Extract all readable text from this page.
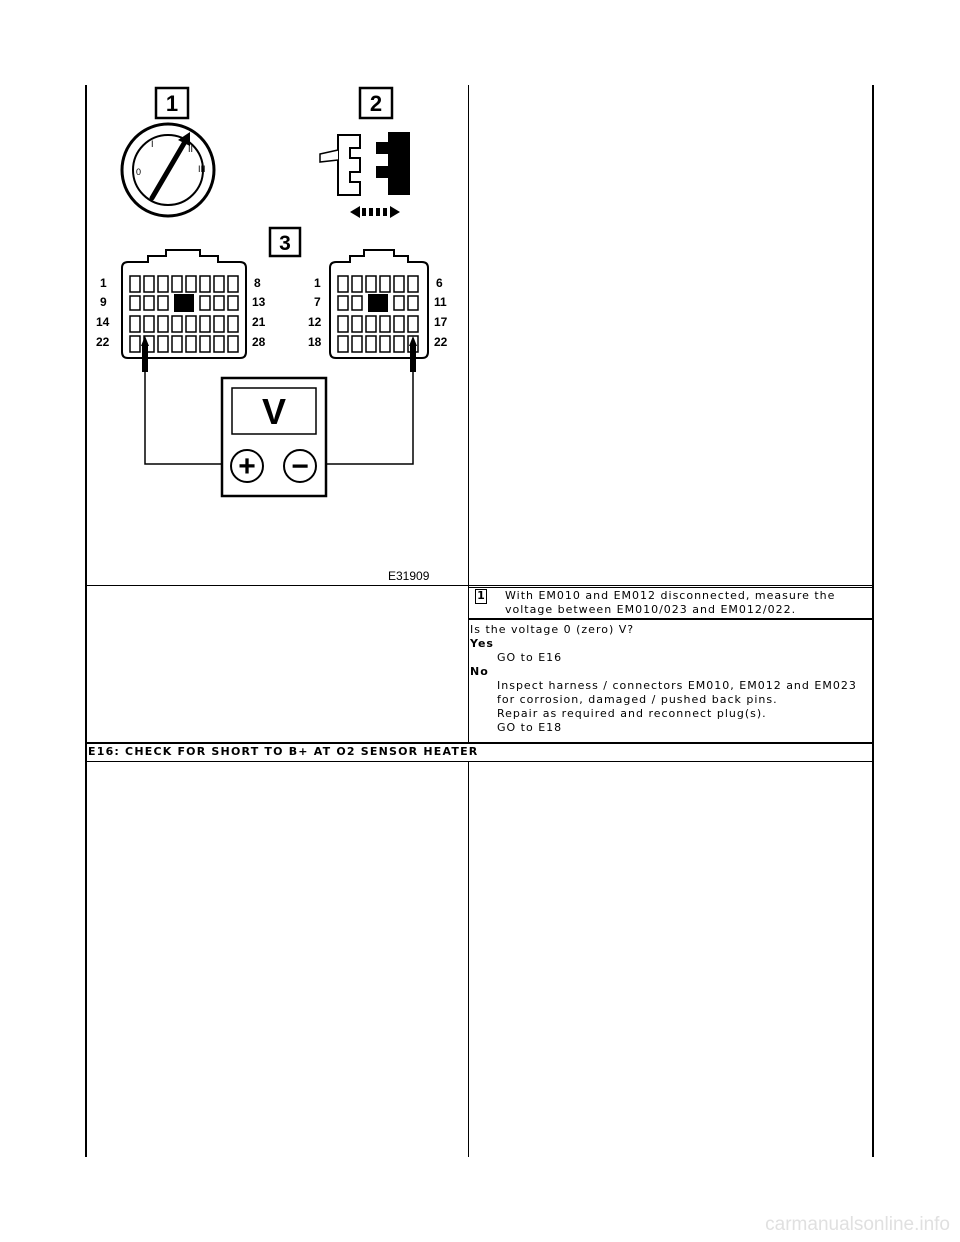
1
0
I	II
III
2
3
1
9
14
22
8
13
21
28
1
7
12
18
6
11
17
22
V
+ −
E31909
1 With EM010 and EM012 disconnected, measure the
voltage between EM010/023 and EM012/022.
Is the voltage 0 (zero) V?
Yes
GO to E16
No
Inspect harness / connectors EM010, EM012 and EM023
for corrosion, damaged / pushed back pins.
Repair as required and reconnect plug(s).
GO to E18
E16: CHECK FOR SHORT TO B+ AT O2 SENSOR HEATER
carmanualsonline.info
